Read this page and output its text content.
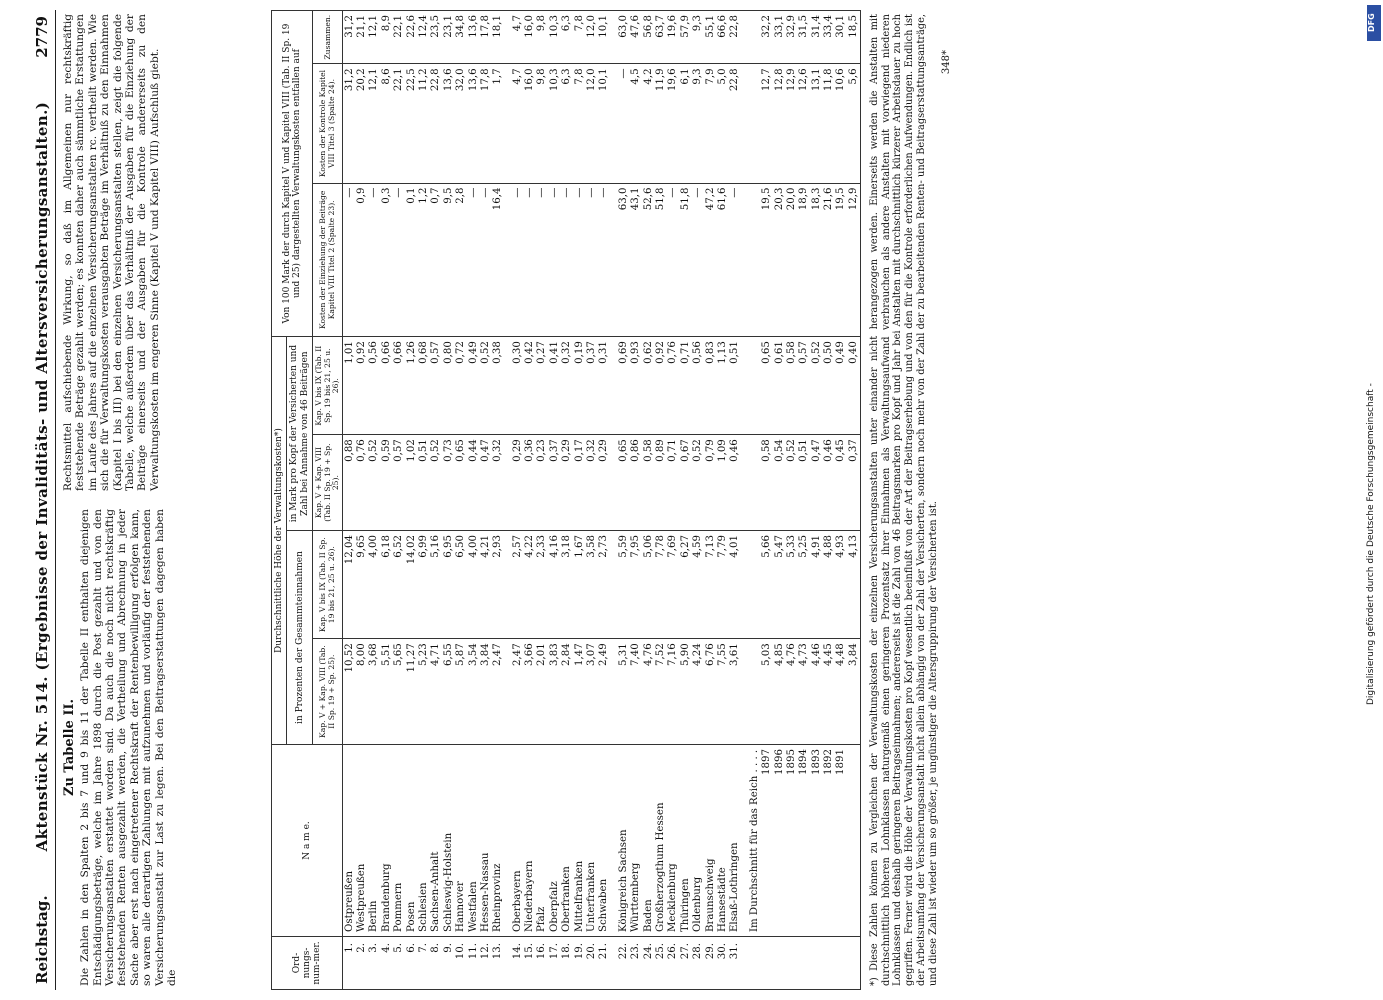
Reichstag.
Aktenstück Nr. 514. (Ergebnisse der Invaliditäts- und Altersversicherungsanstalten.)
2779
Zu Tabelle II. Die Zahlen in den Spalten 2 bis 7 und 9 bis 11 der Tabelle II enthalten diejenigen Entschädigungsbeträge, welche im Jahre 1898 durch die Post gezahlt und von den Versicherungsanstalten erstattet worden sind. Da auch die noch nicht rechtskräftig feststehenden Renten ausgezahlt werden, die Vertheilung und Abrechnung in jeder Sache aber erst nach eingetretener Rechtskraft der Rentenbewilligung erfolgen kann, so waren alle derartigen Zahlungen mit aufzunehmen und vorläufig der feststehenden Versicherungsanstalt zur Last zu legen. Bei den Beitragserstattungen dagegen haben die
Rechtsmittel aufschiebende Wirkung, so daß im Allgemeinen nur rechtskräftig feststehende Beträge gezahlt werden; es konnten daher auch sämmtliche Erstattungen im Laufe des Jahres auf die einzelnen Versicherungsanstalten rc. vertheilt werden. Wie sich die für Verwaltungskosten verausgabten Beträge im Verhältniß zu den Einnahmen (Kapitel I bis III) bei den einzelnen Versicherungsanstalten stellen, zeigt die folgende Tabelle, welche außerdem über das Verhältniß der Ausgaben für die Einziehung der Beiträge einerseits und der Ausgaben für die Kontrole andererseits zu den Verwaltungskosten im engeren Sinne (Kapitel V und Kapitel VIII) Aufschluß giebt.
Ord-nungs-num-mer.	N a m e.	Durchschnittliche Höhe der Verwaltungskosten*)				Von 100 Mark der durch Kapitel V und Kapitel VIII (Tab. II Sp. 19 und 25) dargestellten Verwaltungskosten entfallen auf		
		in Prozenten der Gesammteinnahmen		in Mark pro Kopf der Versicherten und Zahl bei Annahme von 46 Beiträgen				
		Kap. V + Kap. VIII (Tab. II Sp. 19 + Sp. 25).	Kap. V bis IX (Tab. II Sp. 19 bis 21, 25 u. 26).	Kap. V + Kap. VIII (Tab. II Sp. 19 + Sp. 25).	Kap. V bis IX (Tab. II Sp. 19 bis 21, 25 u. 26).	Kosten der Einziehung der Beiträge Kapitel VIII Titel 2 (Spalte 23).	Kosten der Kontrole Kapitel VIII Titel 3 (Spalte 24).	Zusammen.
1.	Ostpreußen	10,52	12,04	0,88	1,01	—	31,2	31,2
2.	Westpreußen	8,00	9,65	0,76	0,92	0,9	20,2	21,1
3.	Berlin	3,68	4,00	0,52	0,56	—	12,1	12,1
4.	Brandenburg	5,51	6,18	0,59	0,66	0,3	8,6	8,9
5.	Pommern	5,65	6,52	0,57	0,66	—	22,1	22,1
6.	Posen	11,27	14,02	1,02	1,26	0,1	22,5	22,6
7.	Schlesien	5,23	6,99	0,51	0,68	1,2	11,2	12,4
8.	Sachsen-Anhalt	4,71	5,16	0,52	0,57	0,7	22,8	23,5
9.	Schleswig-Holstein	6,55	6,95	0,73	0,80	9,5	13,6	23,1
10.	Hannover	5,87	6,50	0,65	0,72	2,8	32,0	34,8
11.	Westfalen	3,54	4,00	0,44	0,49	—	13,6	13,6
12.	Hessen-Nassau	3,84	4,21	0,47	0,52	—	17,8	17,8
13.	Rheinprovinz	2,47	2,93	0,32	0,38	16,4	1,7	18,1

14.	Oberbayern	2,47	2,57	0,29	0,30	—	4,7	4,7
15.	Niederbayern	3,66	4,22	0,36	0,42	—	16,0	16,0
16.	Pfalz	2,01	2,33	0,23	0,27	—	9,8	9,8
17.	Oberpfalz	3,83	4,16	0,37	0,41	—	10,3	10,3
18.	Oberfranken	2,84	3,18	0,29	0,32	—	6,3	6,3
19.	Mittelfranken	1,47	1,67	0,17	0,19	—	7,8	7,8
20.	Unterfranken	3,07	3,58	0,32	0,37	—	12,0	12,0
21.	Schwaben	2,49	2,73	0,29	0,31	—	10,1	10,1

22.	Königreich Sachsen	5,31	5,59	0,65	0,69	63,0	—	63,0
23.	Württemberg	7,40	7,95	0,86	0,93	43,1	4,5	47,6
24.	Baden	4,76	5,06	0,58	0,62	52,6	4,2	56,8
25.	Großherzogthum Hessen	7,52	7,78	0,89	0,92	51,8	11,9	63,7
26.	Mecklenburg	7,16	7,69	0,71	0,76	—	19,6	19,6
27.	Thüringen	5,90	6,27	0,67	0,71	51,8	6,1	57,9
28.	Oldenburg	4,24	4,59	0,52	0,56	—	9,3	9,3
29.	Braunschweig	6,76	7,13	0,79	0,83	47,2	7,9	55,1
30.	Hansestädte	7,55	7,79	1,09	1,13	61,6	5,0	66,6
31.	Elsaß-Lothringen	3,61	4,01	0,46	0,51	—	22,8	22,8

	Im Durchschnitt für das Reich . . . .							
	1897	5,03	5,66	0,58	0,65	19,5	12,7	32,2
	1896	4,85	5,47	0,54	0,61	20,3	12,8	33,1
	1895	4,76	5,33	0,52	0,58	20,0	12,9	32,9
	1894	4,73	5,25	0,51	0,57	18,9	12,6	31,5
	1893	4,46	4,91	0,47	0,52	18,3	13,1	31,4
	1892	4,45	4,88	0,46	0,50	21,6	11,8	33,4
	1891	4,48	4,93	0,45	0,49	19,5	10,6	30,1
		3,84	4,13	0,37	0,40	12,9	5,6	18,5 *) Diese Zahlen können zu Vergleichen der Verwaltungskosten der einzelnen Versicherungsanstalten unter einander nicht herangezogen werden. Einerseits werden die Anstalten mit durchschnittlich höheren Lohnklassen naturgemäß einen geringeren Prozentsatz ihrer Einnahmen als Verwaltungsaufwand verbrauchen als andere Anstalten mit vorwiegend niederen Lohnklassen und deshalb geringeren Beitragseinnahmen; andererseits ist die Zahl von 46 Beitragsmarken pro Kopf und Jahr bei Anstalten mit durchschnittlich kürzerer Arbeitsdauer zu hoch gegriffen. Ferner wird die Höhe der Verwaltungskosten pro Kopf wesentlich beeinflußt von der Art der Beitragserhebung und von den für die Kontrole erforderlichen Aufwendungen. Endlich ist der Arbeitsumfang der Versicherungsanstalt nicht allein abhängig von der Zahl der Versicherten, sondern noch mehr von der Zahl der zu bearbeitenden Renten- und Beitragserstattungsanträge, und diese Zahl ist wieder um so größer, je ungünstiger die Altersgruppirung der Versicherten ist.
348*
Digitalisierung gefördert durch die Deutsche Forschungsgemeinschaft -
DFG
